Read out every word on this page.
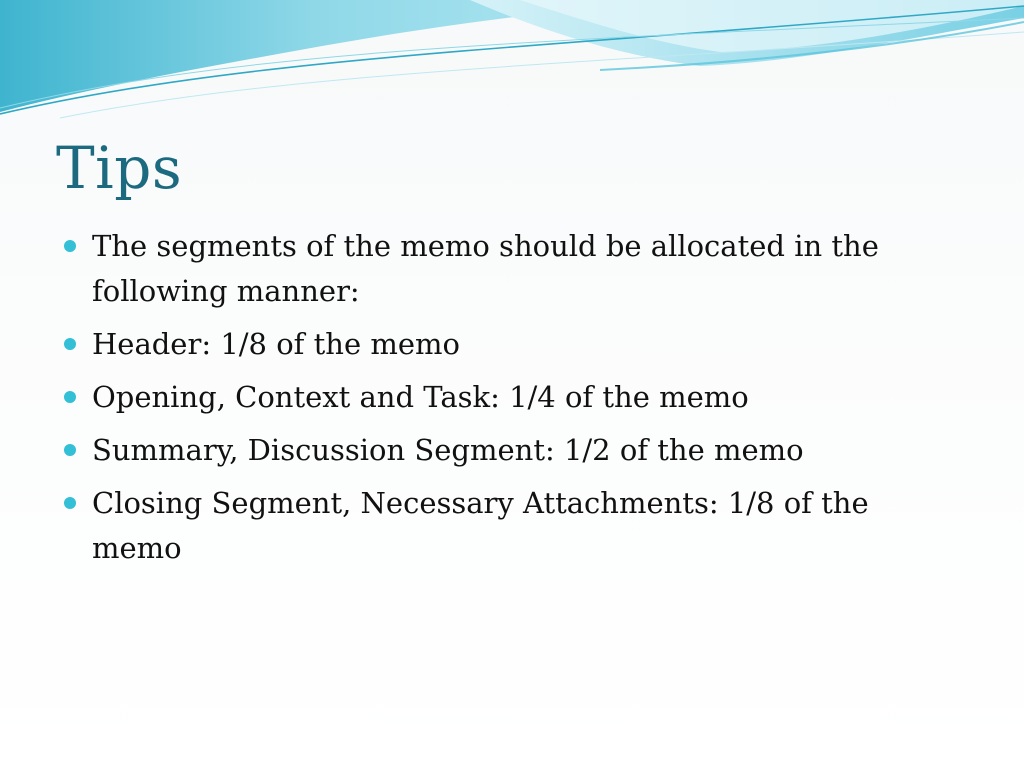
Tips
The segments of the memo should be allocated in the following manner:
Header: 1/8 of the memo
Opening, Context and Task: 1/4 of the memo
Summary, Discussion Segment: 1/2 of the memo
Closing Segment, Necessary Attachments: 1/8 of the memo
